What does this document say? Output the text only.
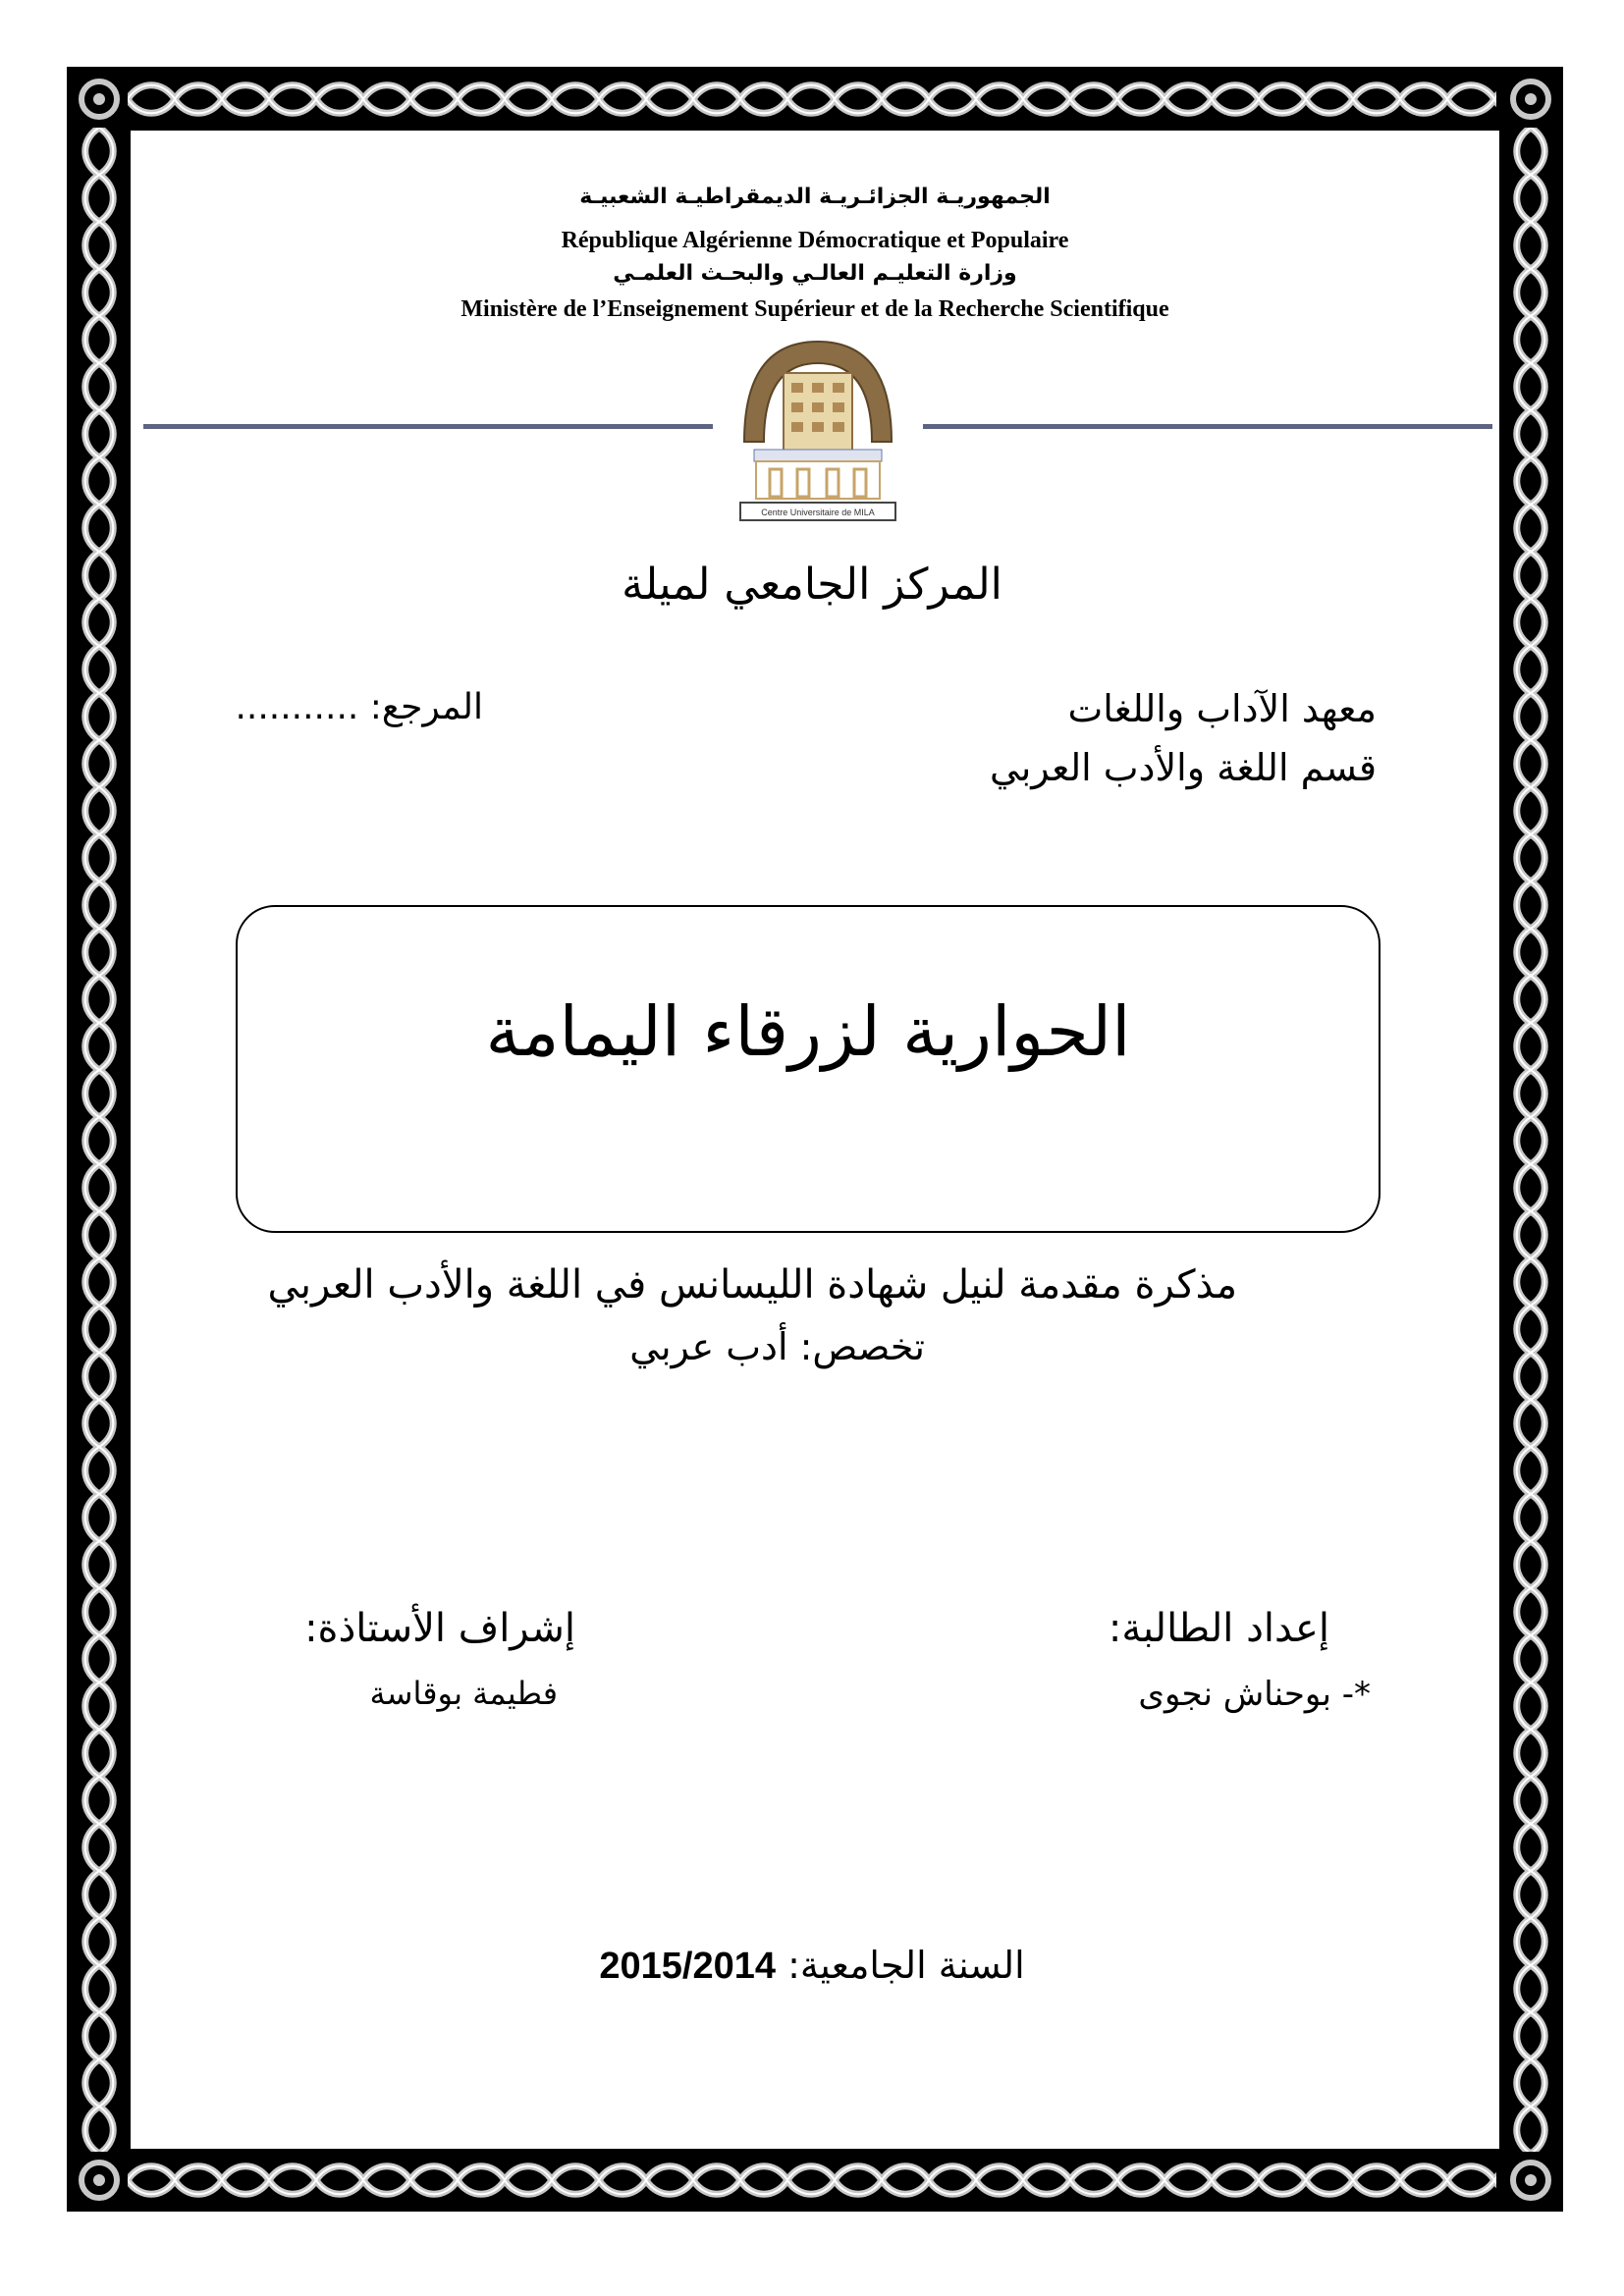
الجمهوريـة الجزائـريـة الديمقراطيـة الشعبيـة
République Algérienne Démocratique et Populaire
وزارة التعليـم العالـي والبحـث العلمـي
Ministère de l’Enseignement Supérieur et de la Recherche Scientifique
Centre Universitaire de MILA
المركز الجامعي لميلة
معهد الآداب واللغات
قسم اللغة والأدب العربي
المرجع: ...........
الحوارية لزرقاء اليمامة
مذكرة مقدمة لنيل شهادة الليسانس في اللغة والأدب العربي
تخصص: أدب عربي
إعداد الطالبة:
*- بوحناش نجوى
إشراف الأستاذة:
فطيمة بوقاسة
السنة الجامعية: 2015/2014
